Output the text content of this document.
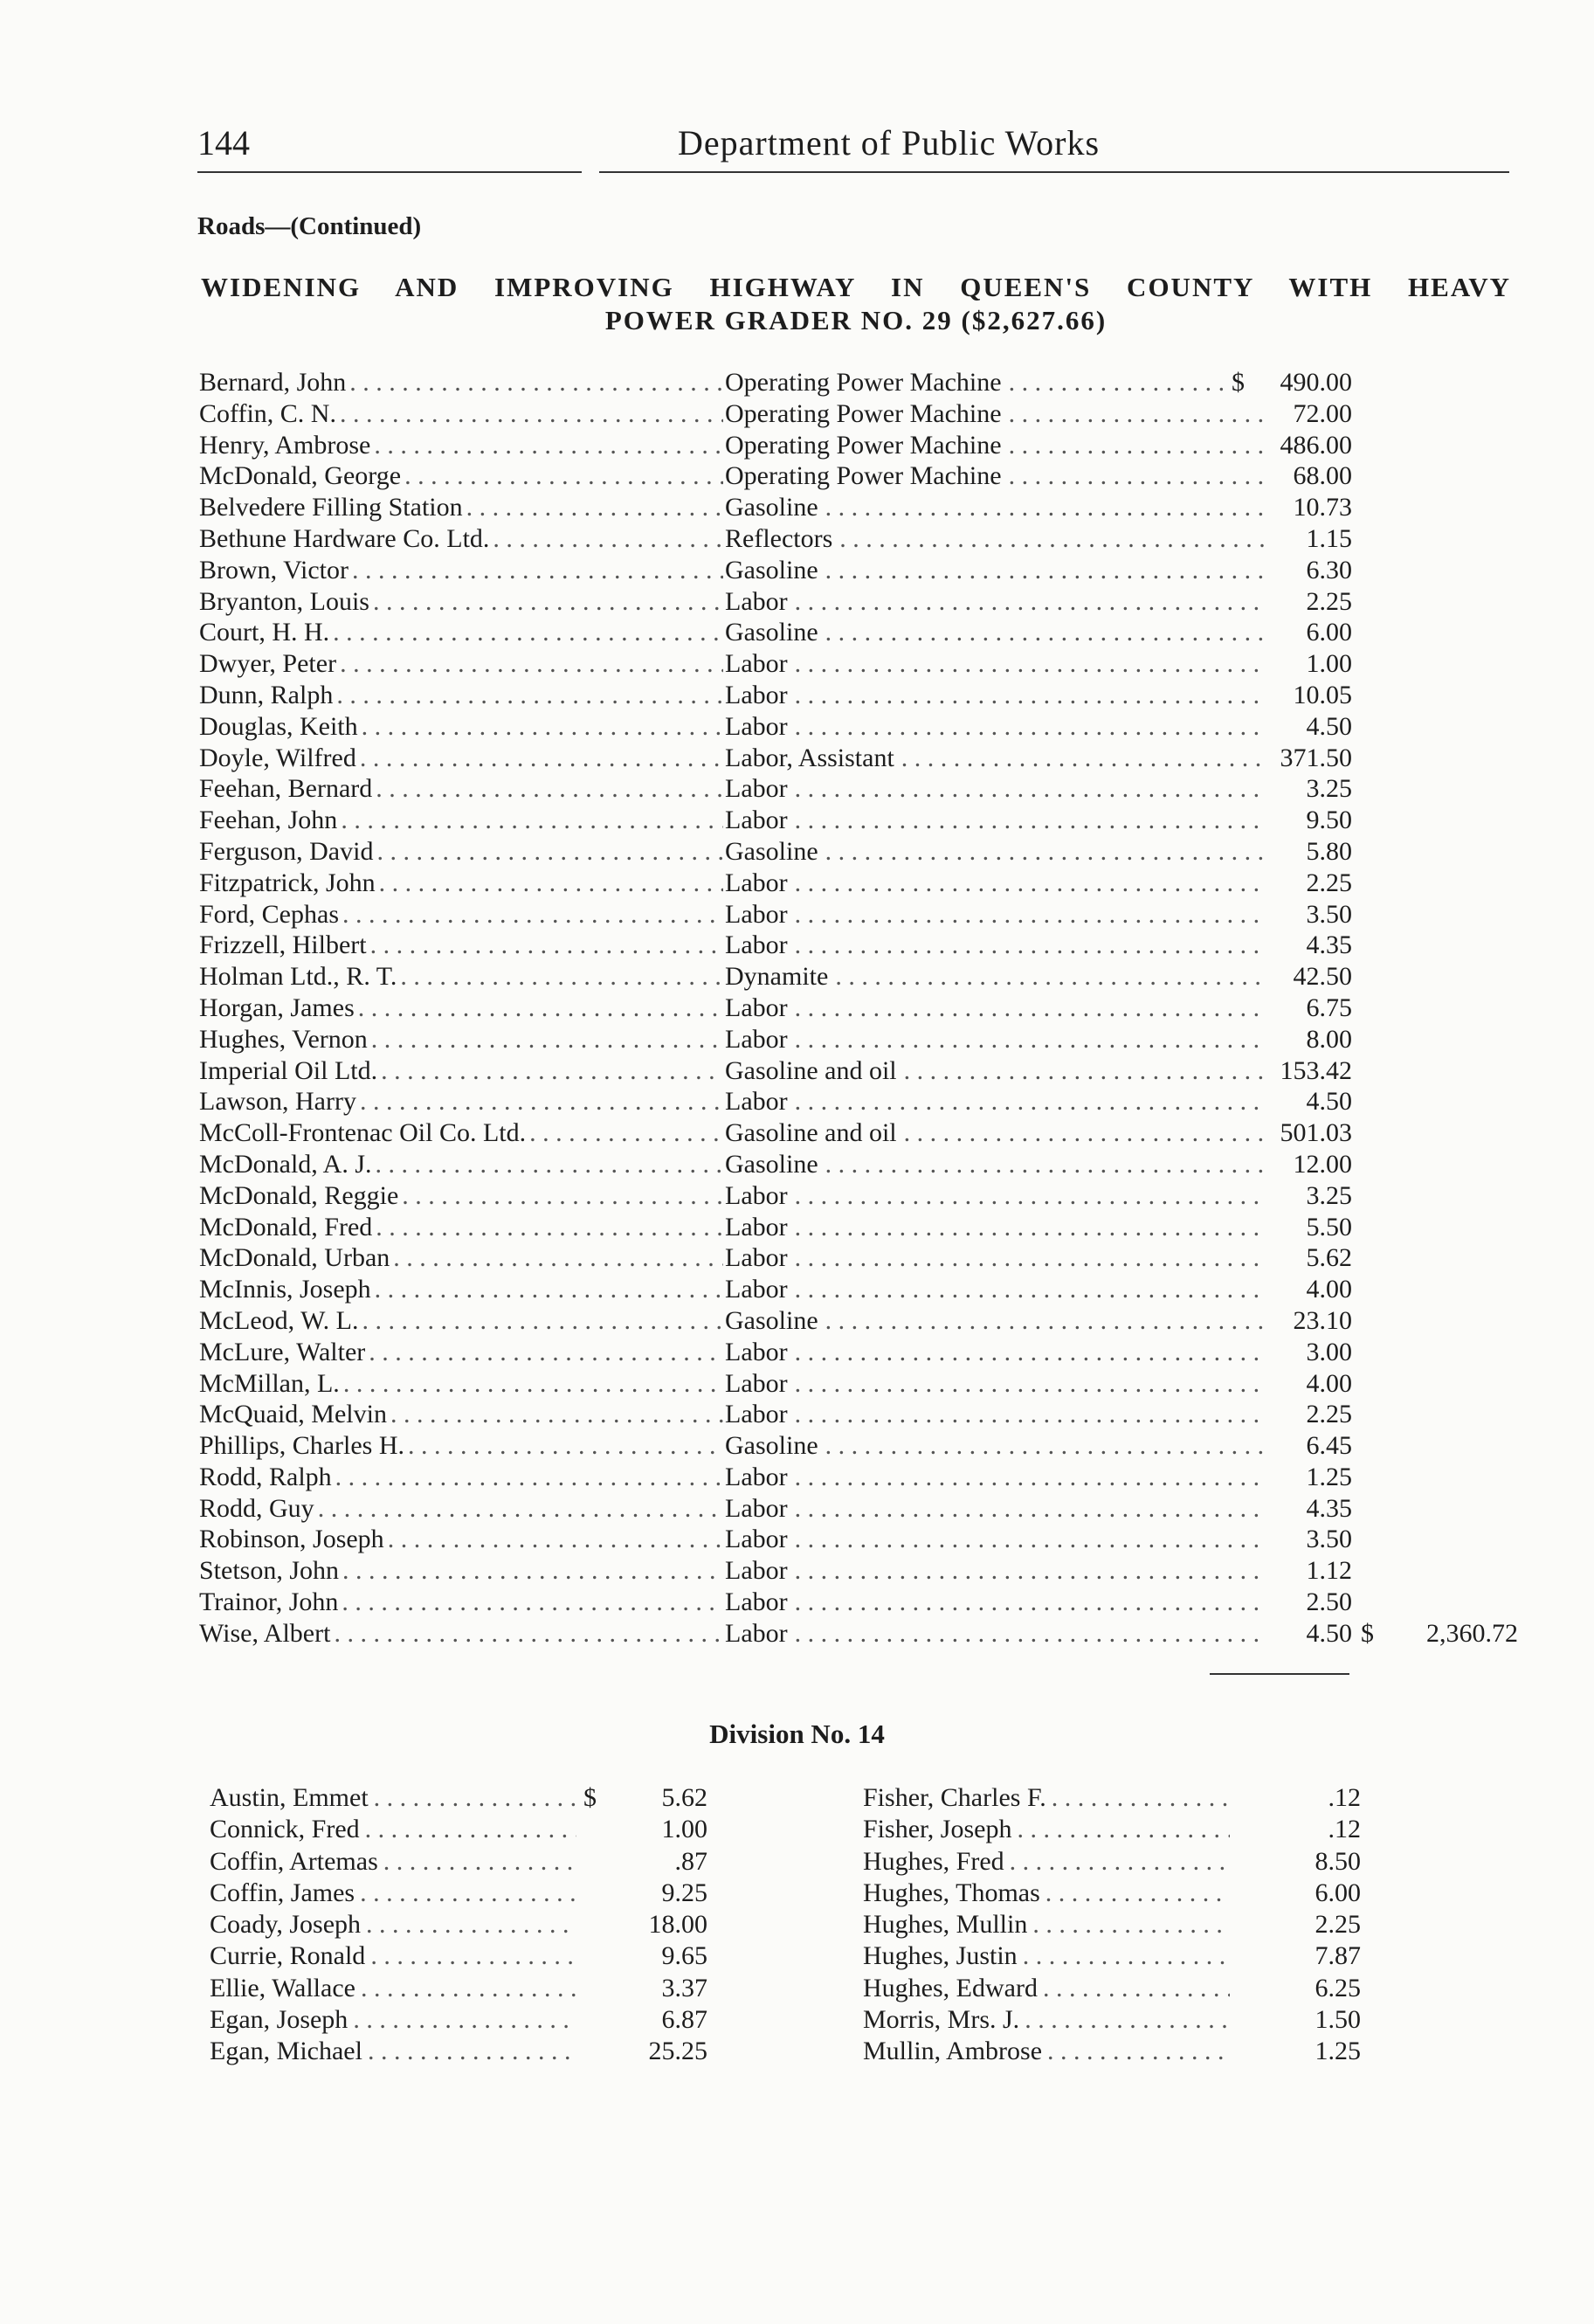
144	Department of Public Works
Roads—(Continued)
WIDENING AND IMPROVING HIGHWAY IN QUEEN'S COUNTY WITH HEAVY
POWER GRADER NO. 29 ($2,627.66)
Bernard, John . . .	Operating Power Machine . . .	$	490.00
Coffin, C. N. . . .	Operating Power Machine . . .	72.00
Henry, Ambrose . . .	Operating Power Machine . . .	486.00
McDonald, George . . .	Operating Power Machine . . .	68.00
Belvedere Filling Station . . .	Gasoline . . .	10.73
Bethune Hardware Co. Ltd. . . .	Reflectors . . .	1.15
Brown, Victor . . .	Gasoline . . .	6.30
Bryanton, Louis . . .	Labor . . .	2.25
Court, H. H. . . .	Gasoline . . .	6.00
Dwyer, Peter . . .	Labor . . .	1.00
Dunn, Ralph . . .	Labor . . .	10.05
Douglas, Keith . . .	Labor . . .	4.50
Doyle, Wilfred . . .	Labor, Assistant . . .	371.50
Feehan, Bernard . . .	Labor . . .	3.25
Feehan, John . . .	Labor . . .	9.50
Ferguson, David . . .	Gasoline . . .	5.80
Fitzpatrick, John . . .	Labor . . .	2.25
Ford, Cephas . . .	Labor . . .	3.50
Frizzell, Hilbert . . .	Labor . . .	4.35
Holman Ltd., R. T. . . .	Dynamite . . .	42.50
Horgan, James . . .	Labor . . .	6.75
Hughes, Vernon . . .	Labor . . .	8.00
Imperial Oil Ltd. . . .	Gasoline and oil . . .	153.42
Lawson, Harry . . .	Labor . . .	4.50
McColl-Frontenac Oil Co. Ltd. . . .	Gasoline and oil . . .	501.03
McDonald, A. J. . . .	Gasoline . . .	12.00
McDonald, Reggie . . .	Labor . . .	3.25
McDonald, Fred . . .	Labor . . .	5.50
McDonald, Urban . . .	Labor . . .	5.62
McInnis, Joseph . . .	Labor . . .	4.00
McLeod, W. L. . . .	Gasoline . . .	23.10
McLure, Walter . . .	Labor . . .	3.00
McMillan, L. . . .	Labor . . .	4.00
McQuaid, Melvin . . .	Labor . . .	2.25
Phillips, Charles H. . . .	Gasoline . . .	6.45
Rodd, Ralph . . .	Labor . . .	1.25
Rodd, Guy . . .	Labor . . .	4.35
Robinson, Joseph . . .	Labor . . .	3.50
Stetson, John . . .	Labor . . .	1.12
Trainor, John . . .	Labor . . .	2.50
Wise, Albert . . .	Labor . . .	4.50 $	2,360.72
Division No. 14
Austin, Emmet . . .	$	5.62
Connick, Fred . . .	1.00
Coffin, Artemas . . .	.87
Coffin, James . . .	9.25
Coady, Joseph . . .	18.00
Currie, Ronald . . .	9.65
Ellie, Wallace . . .	3.37
Egan, Joseph . . .	6.87
Egan, Michael . . .	25.25
Fisher, Charles F. . . .	.12
Fisher, Joseph . . .	.12
Hughes, Fred . . .	8.50
Hughes, Thomas . . .	6.00
Hughes, Mullin . . .	2.25
Hughes, Justin . . .	7.87
Hughes, Edward . . .	6.25
Morris, Mrs. J. . . .	1.50
Mullin, Ambrose . . .	1.25
